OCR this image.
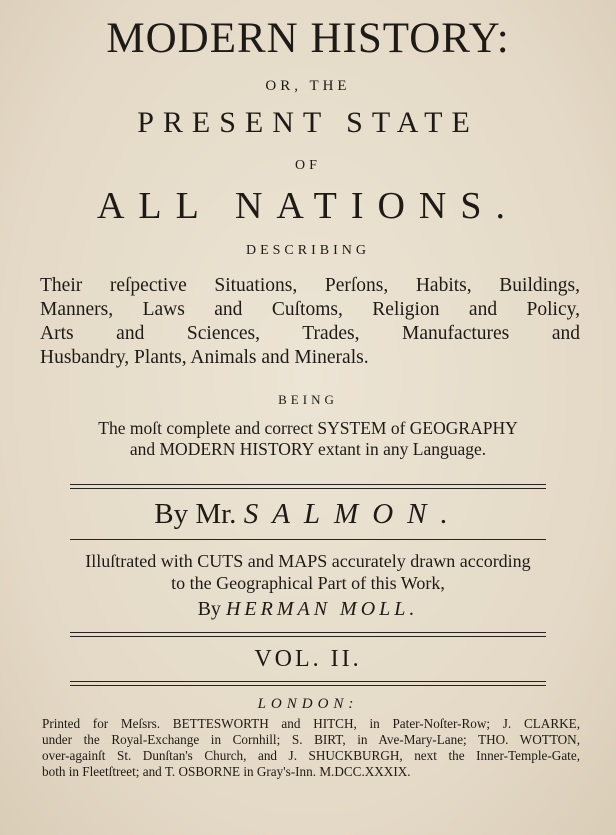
MODERN HISTORY:
OR, THE
PRESENT STATE
OF
ALL NATIONS.
DESCRIBING
Their reſpective Situations, Perſons, Habits, Buildings,
Manners, Laws and Cuſtoms, Religion and Policy,
Arts and Sciences, Trades, Manufactures and
Husbandry, Plants, Animals and Minerals.
BEING
The moſt complete and correct SYSTEM of GEOGRAPHY
and MODERN HISTORY extant in any Language.
By Mr. SALMON.
Illuſtrated with CUTS and MAPS accurately drawn according
to the Geographical Part of this Work,
By HERMAN MOLL.
VOL. II.
LONDON:
Printed for Meſsrs. BETTESWORTH and HITCH, in Pater-Noſter-Row; J. CLARKE,
under the Royal-Exchange in Cornhill; S. BIRT, in Ave-Mary-Lane; THO. WOTTON,
over-againſt St. Dunſtan's Church, and J. SHUCKBURGH, next the Inner-Temple-Gate,
both in Fleetſtreet; and T. OSBORNE in Gray's-Inn. M.DCC.XXXIX.
